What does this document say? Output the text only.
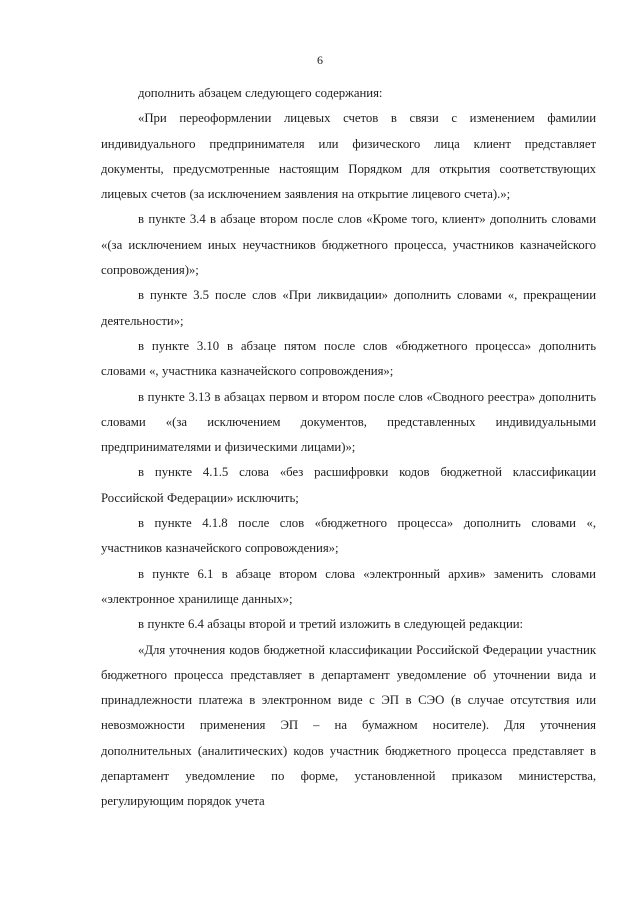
6

дополнить абзацем следующего содержания:

«При переоформлении лицевых счетов в связи с изменением фамилии индивидуального предпринимателя или физического лица клиент представляет документы, предусмотренные настоящим Порядком для открытия соответствующих лицевых счетов (за исключением заявления на открытие лицевого счета).»;

в пункте 3.4 в абзаце втором после слов «Кроме того, клиент» дополнить словами «(за исключением иных неучастников бюджетного процесса, участников казначейского сопровождения)»;

в пункте 3.5 после слов «При ликвидации» дополнить словами «, прекращении деятельности»;

в пункте 3.10 в абзаце пятом после слов «бюджетного процесса» дополнить словами «, участника казначейского сопровождения»;

в пункте 3.13 в абзацах первом и втором после слов «Сводного реестра» дополнить словами «(за исключением документов, представленных индивидуальными предпринимателями и физическими лицами)»;

в пункте 4.1.5 слова «без расшифровки кодов бюджетной классификации Российской Федерации» исключить;

в пункте 4.1.8 после слов «бюджетного процесса» дополнить словами «, участников казначейского сопровождения»;

в пункте 6.1 в абзаце втором слова «электронный архив» заменить словами «электронное хранилище данных»;

в пункте 6.4 абзацы второй и третий изложить в следующей редакции:

«Для уточнения кодов бюджетной классификации Российской Федерации участник бюджетного процесса представляет в департамент уведомление об уточнении вида и принадлежности платежа в электронном виде с ЭП в СЭО (в случае отсутствия или невозможности применения ЭП – на бумажном носителе). Для уточнения дополнительных (аналитических) кодов участник бюджетного процесса представляет в департамент уведомление по форме, установленной приказом министерства, регулирующим порядок учета
